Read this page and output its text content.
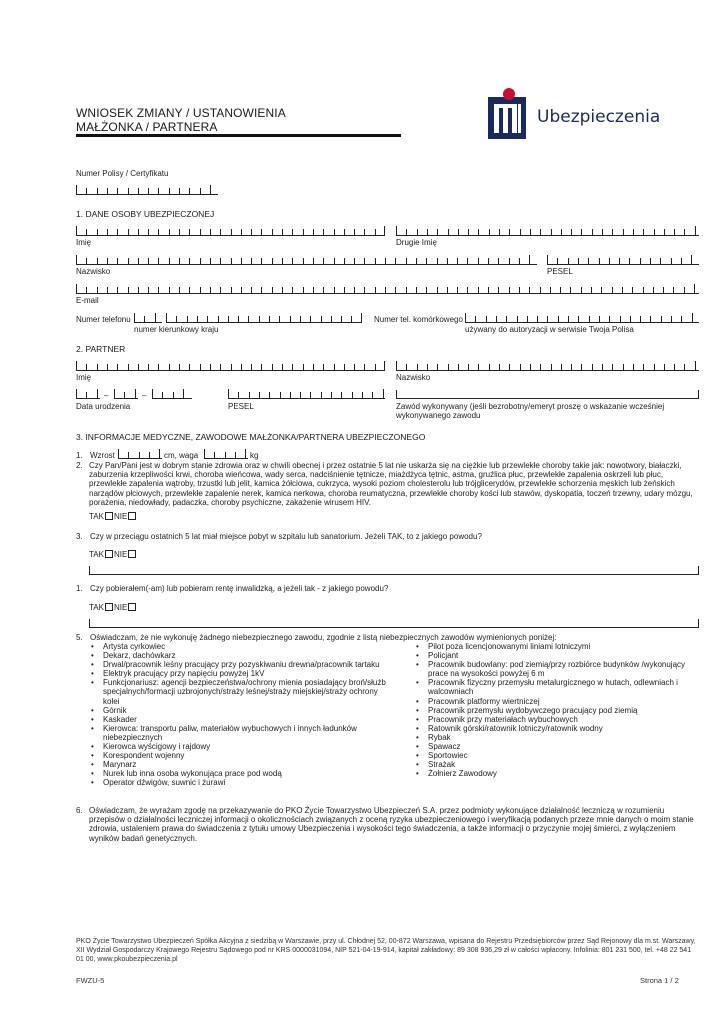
WNIOSEK ZMIANY / USTANOWIENIA
MAŁŻONKA / PARTNERA	Ubezpieczenia
Numer Polisy / Certyfikatu
1. DANE OSOBY UBEZPIECZONEJ
Imię	Drugie Imię
Nazwisko	PESEL
E-mail
Numer telefonu
numer kierunkowy kraju
Numer tel. komórkowego
używany do autoryzacji w serwisie Twoja Polisa
2. PARTNER
Imię	Nazwisko
–	–
Data urodzenia	PESEL	Zawód wykonywany (jeśli bezrobotny/emeryt proszę o wskazanie wcześniej wykonywanego zawodu
3. INFORMACJE MEDYCZNE, ZAWODOWE MAŁŻONKA/PARTNERA UBEZPIECZONEGO
1. Wzrost	cm, waga	kg
2. Czy Pan/Pani jest w dobrym stanie zdrowia oraz w chwili obecnej i przez ostatnie 5 lat nie uskarża się na ciężkie lub przewlekłe choroby takie jak: nowotwory, białaczki, zaburzenia krzepliwości krwi, choroba wieńcowa, wady serca, nadciśnienie tętnicze, miażdżyca tętnic, astma, gruźlica płuc, przewlekłe zapalenia oskrzeli lub płuc, przewlekłe zapalenia wątroby, trzustki lub jelit, kamica żółciowa, cukrzyca, wysoki poziom cholesterolu lub trójglicerydów, przewlekłe schorzenia męskich lub żeńskich narządów płciowych, przewlekłe zapalenie nerek, kamica nerkowa, choroba reumatyczna, przewlekłe choroby kości lub stawów, dyskopatia, toczeń trzewny, udary mózgu, porażenia, niedowłady, padaczka, choroby psychiczne, zakażenie wirusem HIV.
TAK NIE
3. Czy w przeciągu ostatnich 5 lat miał miejsce pobyt w szpitalu lub sanatorium. Jeżeli TAK, to z jakiego powodu?
TAK NIE
1. Czy pobierałem(-am) lub pobieram rentę inwalidzką, a jeżeli tak - z jakiego powodu?
TAK NIE
5. Oświadczam, że nie wykonuję żadnego niebezpiecznego zawodu, zgodnie z listą niebezpiecznych zawodów wymienionych poniżej:
• Artysta cyrkowiec
• Dekarz, dachówkarz
• Drwal/pracownik leśny pracujący przy pozyskiwaniu drewna/pracownik tartaku
• Elektryk pracujący przy napięciu powyżej 1kV
• Funkcjonariusz: agencji bezpieczeństwa/ochrony mienia posiadający broń/służb specjalnych/formacji uzbrojonych/straży leśnej/straży miejskiej/straży ochrony kolei
• Górnik
• Kaskader
• Kierowca: transportu paliw, materiałów wybuchowych i innych ładunków niebezpiecznych
• Kierowca wyścigowy i rajdowy
• Korespondent wojenny
• Marynarz
• Nurek lub inna osoba wykonująca prace pod wodą
• Operator dźwigów, suwnic i żurawi
• Pilot poza licencjonowanymi liniami lotniczymi
• Policjant
• Pracownik budowlany: pod ziemią/przy rozbiórce budynków /wykonujący prace na wysokości powyżej 6 m
• Pracownik fizyczny przemysłu metalurgicznego w hutach, odlewniach i walcowniach
• Pracownik platformy wiertniczej
• Pracownik przemysłu wydobywczego pracujący pod ziemią
• Pracownik przy materiałach wybuchowych
• Ratownik górski/ratownik lotniczy/ratownik wodny
• Rybak
• Spawacz
• Sportowiec
• Strażak
• Żołnierz Zawodowy
6. Oświadczam, że wyrażam zgodę na przekazywanie do PKO Życie Towarzystwo Ubezpieczeń S.A. przez podmioty wykonujące działalność leczniczą w rozumieniu przepisów o działalności leczniczej informacji o okolicznościach związanych z oceną ryzyka ubezpieczeniowego i weryfikacją podanych przeze mnie danych o moim stanie zdrowia, ustaleniem prawa do świadczenia z tytułu umowy Ubezpieczenia i wysokości tego świadczenia, a także informacji o przyczynie mojej śmierci, z wyłączeniem wyników badań genetycznych.
PKO Życie Towarzystwo Ubezpieczeń Spółka Akcyjna z siedzibą w Warszawie, przy ul. Chłodnej 52, 00-872 Warszawa, wpisana do Rejestru Przedsiębiorców przez Sąd Rejonowy dla m.st. Warszawy, XII Wydział Gospodarczy Krajowego Rejestru Sądowego pod nr KRS 0000031094, NIP 521-04-19-914, kapitał zakładowy: 89 308 936,29 zł w całości wpłacony. Infolinia: 801 231 500, tel. +48 22 541 01 00, www.pkoubezpieczenia.pl
FWZU-5	Strona 1 / 2
